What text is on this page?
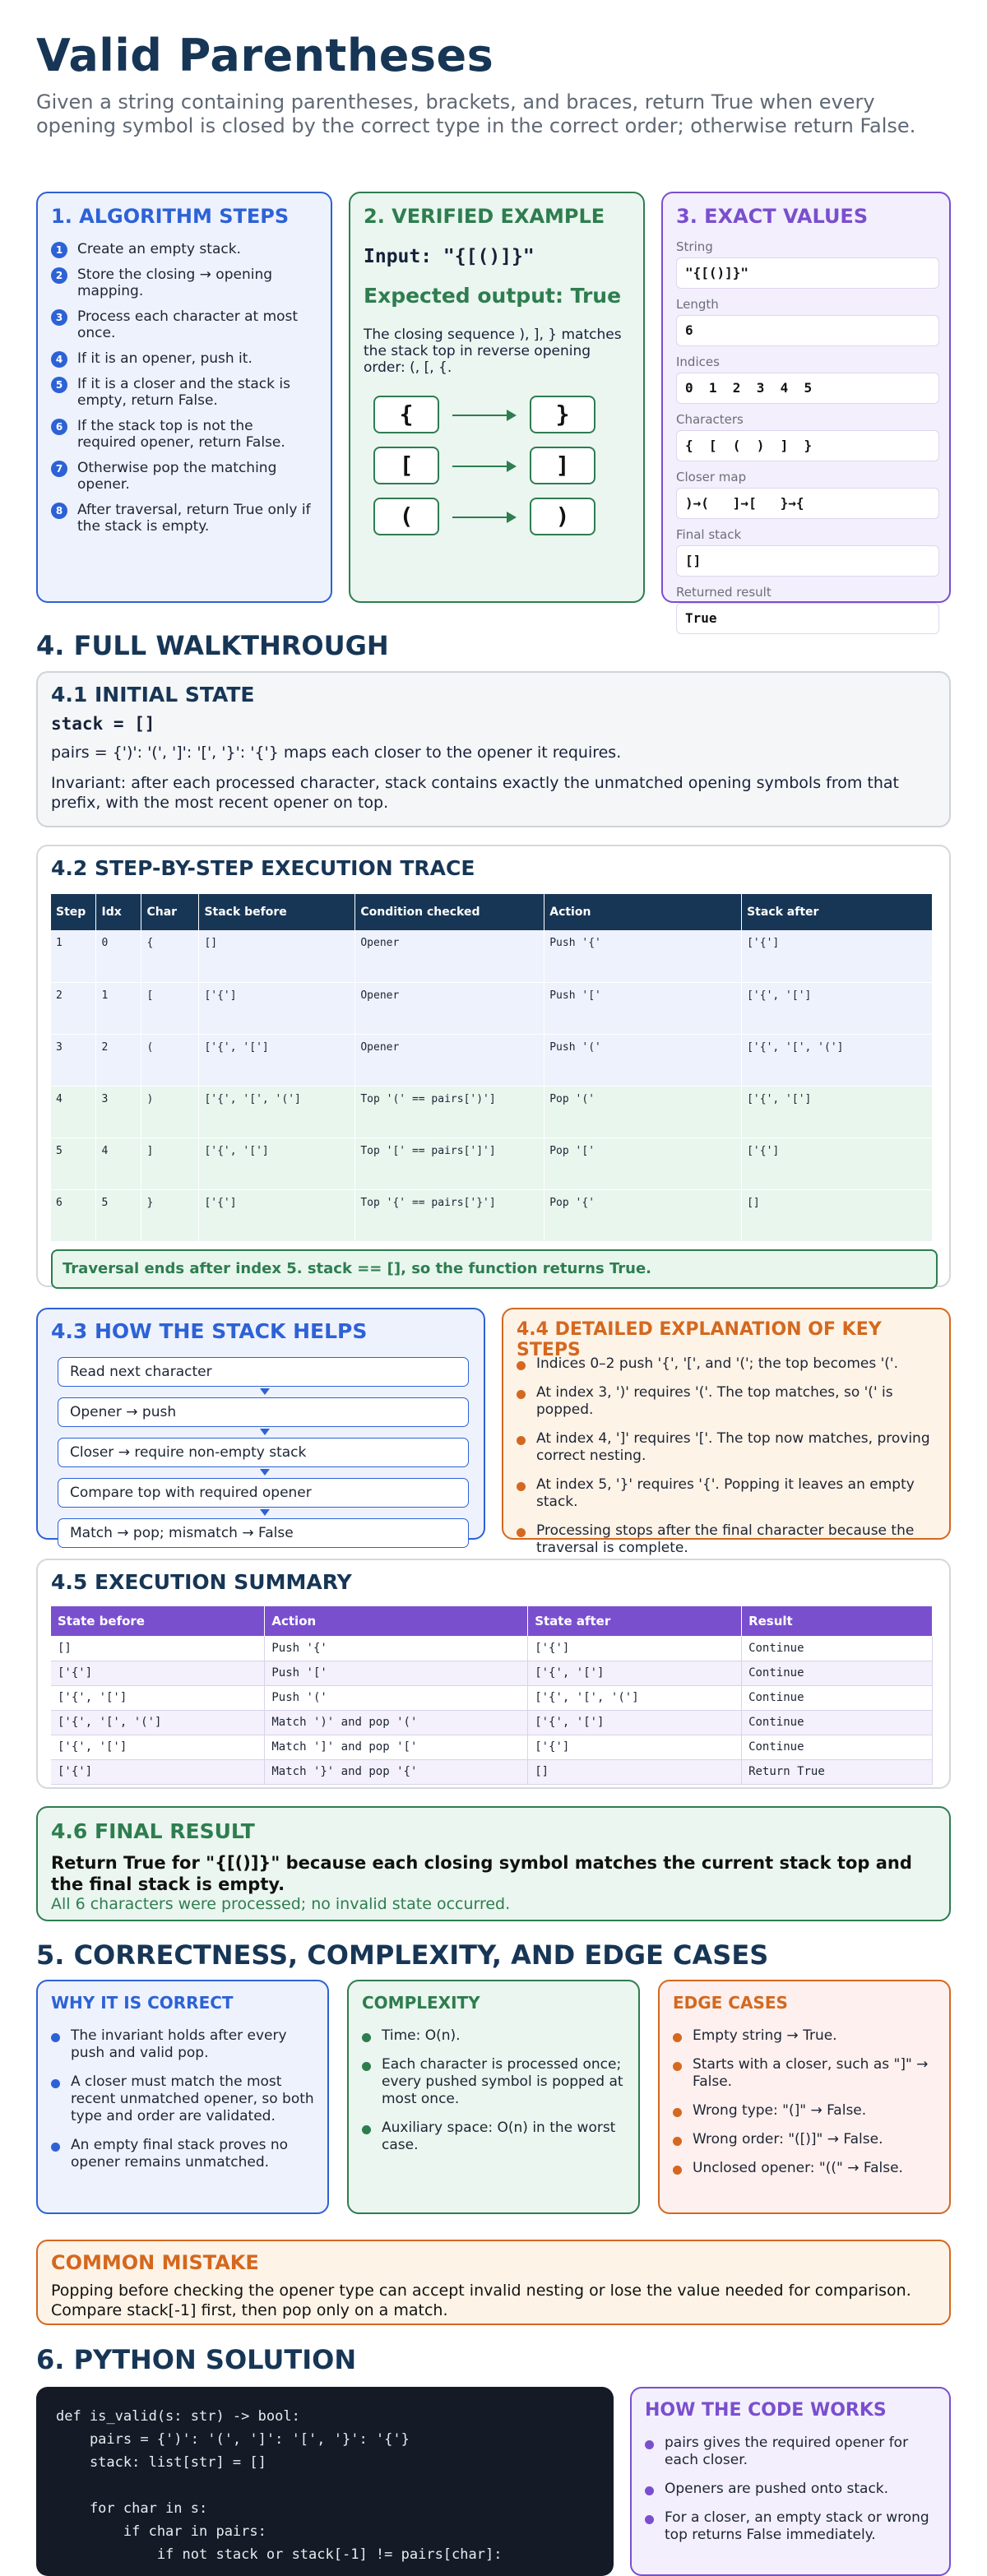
Valid Parentheses
Given a string containing parentheses, brackets, and braces, return True when every opening symbol is closed by the correct type in the correct order; otherwise return False.
1. ALGORITHM STEPS
1	Create an empty stack.
2	Store the closing → opening mapping.
3	Process each character at most once.
4	If it is an opener, push it.
5	If it is a closer and the stack is empty, return False.
6	If the stack top is not the required opener, return False.
7	Otherwise pop the matching opener.
8	After traversal, return True only if the stack is empty.
2. VERIFIED EXAMPLE
Input: "{[()]}"
Expected output: True
The closing sequence ), ], } matches the stack top in reverse opening order: (, [, {.
{	}
[	]
(	)
3. EXACT VALUES
String
"{[()]}"
Length
6
Indices
0  1  2  3  4  5
Characters
{  [  (  )  ]  }
Closer map
)→(   ]→[   }→{
Final stack
[]
Returned result
True
4. FULL WALKTHROUGH
4.1 INITIAL STATE
stack = []
pairs = {')': '(', ']': '[', '}': '{'} maps each closer to the opener it requires.
Invariant: after each processed character, stack contains exactly the unmatched opening symbols from that prefix, with the most recent opener on top.
4.2 STEP-BY-STEP EXECUTION TRACE
Step	Idx	Char	Stack before	Condition checked	Action	Stack after
1	0	{	[]	Opener	Push '{'	['{']
2	1	[	['{']	Opener	Push '['	['{', '[']
3	2	(	['{', '[']	Opener	Push '('	['{', '[', '(']
4	3	)	['{', '[', '(']	Top '(' == pairs[')']	Pop '('	['{', '[']
5	4	]	['{', '[']	Top '[' == pairs[']']	Pop '['	['{']
6	5	}	['{']	Top '{' == pairs['}']	Pop '{'	[]
Traversal ends after index 5. stack == [], so the function returns True.
4.3 HOW THE STACK HELPS
Read next character
Opener → push
Closer → require non-empty stack
Compare top with required opener
Match → pop; mismatch → False
4.4 DETAILED EXPLANATION OF KEY STEPS
Indices 0–2 push '{', '[', and '('; the top becomes '('.
At index 3, ')' requires '('. The top matches, so '(' is popped.
At index 4, ']' requires '['. The top now matches, proving correct nesting.
At index 5, '}' requires '{'. Popping it leaves an empty stack.
Processing stops after the final character because the traversal is complete.
4.5 EXECUTION SUMMARY
State before	Action	State after	Result
[]	Push '{'	['{']	Continue
['{']	Push '['	['{', '[']	Continue
['{', '[']	Push '('	['{', '[', '(']	Continue
['{', '[', '(']	Match ')' and pop '('	['{', '[']	Continue
['{', '[']	Match ']' and pop '['	['{']	Continue
['{']	Match '}' and pop '{'	[]	Return True
4.6 FINAL RESULT
Return True for "{[()]}" because each closing symbol matches the current stack top and the final stack is empty.
All 6 characters were processed; no invalid state occurred.
5. CORRECTNESS, COMPLEXITY, AND EDGE CASES
WHY IT IS CORRECT
The invariant holds after every push and valid pop.
A closer must match the most recent unmatched opener, so both type and order are validated.
An empty final stack proves no opener remains unmatched.
COMPLEXITY
Time: O(n).
Each character is processed once; every pushed symbol is popped at most once.
Auxiliary space: O(n) in the worst case.
EDGE CASES
Empty string → True.
Starts with a closer, such as "]" → False.
Wrong type: "(]" → False.
Wrong order: "([)]" → False.
Unclosed opener: "((" → False.
COMMON MISTAKE
Popping before checking the opener type can accept invalid nesting or lose the value needed for comparison. Compare stack[-1] first, then pop only on a match.
6. PYTHON SOLUTION
def is_valid(s: str) -> bool:
pairs = {')': '(', ']': '[', '}': '{'}
stack: list[str] = []

for char in s:
if char in pairs:
if not stack or stack[-1] != pairs[char]:
HOW THE CODE WORKS
pairs gives the required opener for each closer.
Openers are pushed onto stack.
For a closer, an empty stack or wrong top returns False immediately.
